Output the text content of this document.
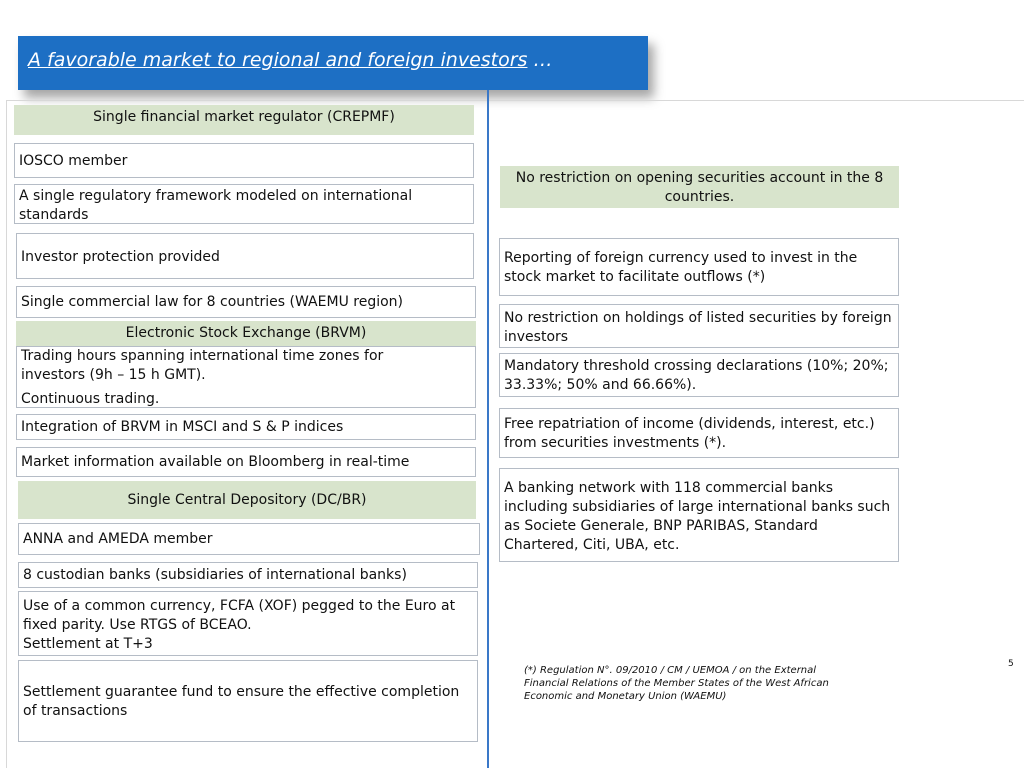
A favorable market to regional and foreign investors …
Single financial market regulator (CREPMF)
IOSCO member
A single regulatory framework modeled on international standards
Investor protection provided
Single commercial law for 8 countries (WAEMU region)
Electronic Stock Exchange (BRVM)
Trading hours spanning international time zones for investors (9h – 15 h GMT).
Continuous trading.
Integration of BRVM in MSCI and S & P indices
Market information available on Bloomberg in real-time
Single Central Depository (DC/BR)
ANNA and AMEDA member
8 custodian banks (subsidiaries of international banks)
Use of a common currency, FCFA (XOF) pegged to the Euro at fixed parity. Use RTGS of BCEAO.
Settlement at T+3
Settlement guarantee fund to ensure the effective completion of transactions
No restriction on opening securities account in the 8 countries.
Reporting of foreign currency used to invest in the stock market to facilitate outflows (*)
No restriction on holdings of listed securities by foreign investors
Mandatory threshold crossing declarations (10%; 20%; 33.33%; 50% and 66.66%).
Free repatriation of income (dividends, interest, etc.) from securities investments (*).
A banking network with 118 commercial banks including subsidiaries of large international banks such as Societe Generale, BNP PARIBAS, Standard Chartered, Citi, UBA, etc.
(*) Regulation N°. 09/2010 / CM / UEMOA / on the External Financial Relations of the Member States of the West African Economic and Monetary Union (WAEMU)
5
